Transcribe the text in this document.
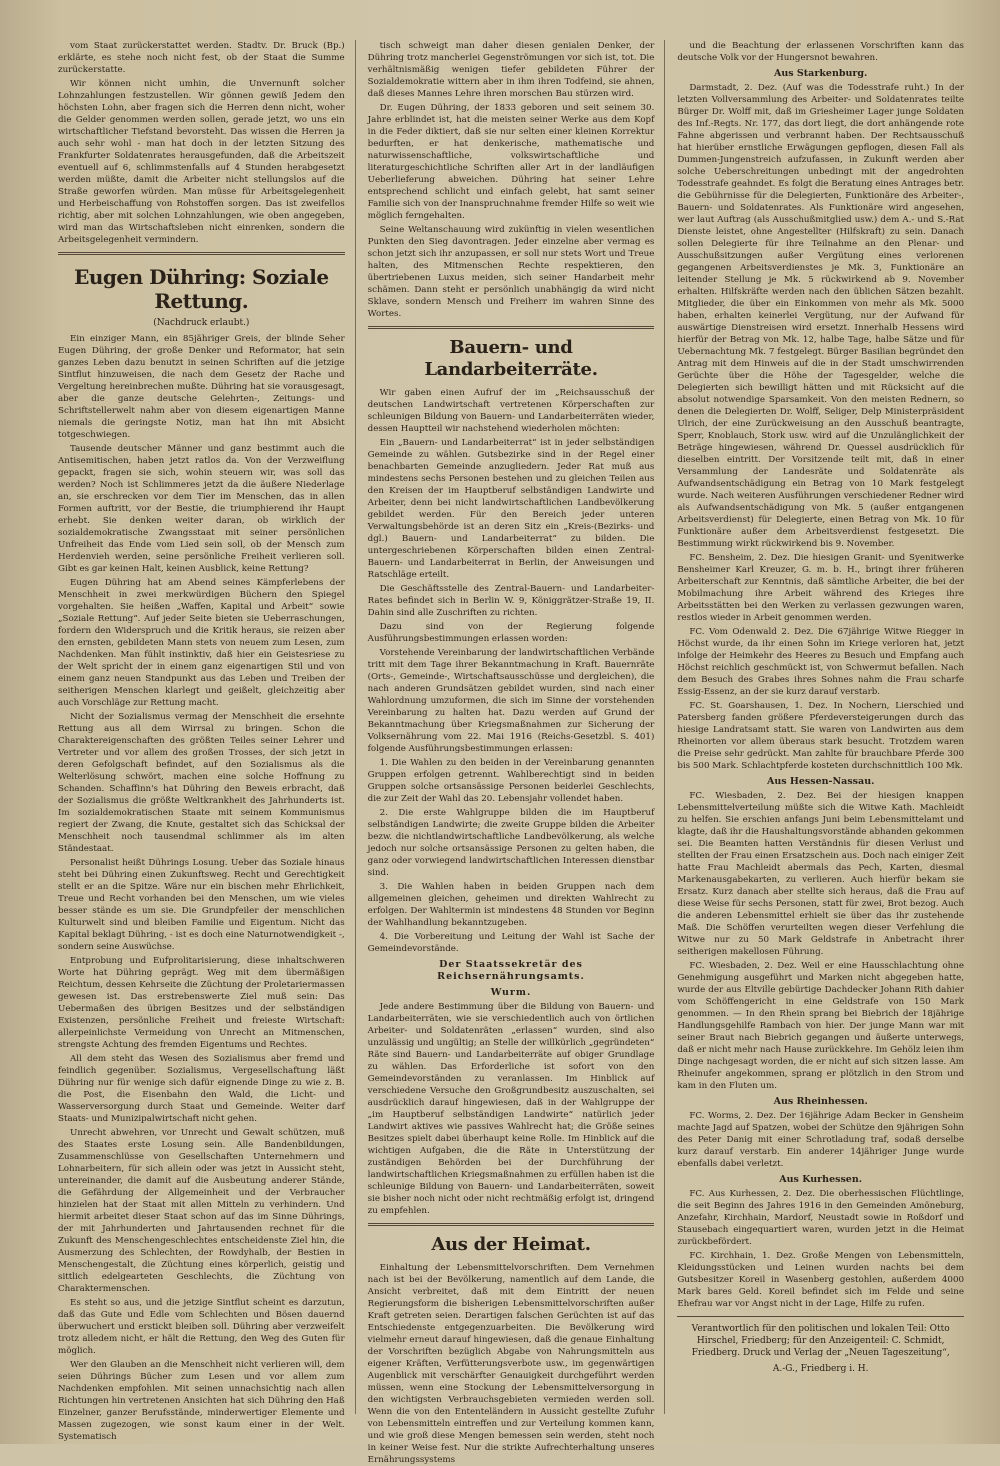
vom Staat zurückerstattet werden. Stadtv. Dr. Bruck (Bp.) erklärte, es stehe noch nicht fest, ob der Staat die Summe zurückerstatte.

Wir können nicht umhin, die Unvernunft solcher Lohnzahlungen festzustellen. Wir gönnen gewiß Jedem den höchsten Lohn, aber fragen sich die Herren denn nicht, woher die Gelder genommen werden sollen, gerade jetzt, wo uns ein wirtschaftlicher Tiefstand bevorsteht. Das wissen die Herren ja auch sehr wohl - man hat doch in der letzten Sitzung des Frankfurter Soldatenrates herausgefunden, daß die Arbeitszeit eventuell auf 6, schlimmstenfalls auf 4 Stunden herabgesetzt werden müßte, damit die Arbeiter nicht stellungslos auf die Straße geworfen würden. Man müsse für Arbeitsgelegenheit und Herbeischaffung von Rohstoffen sorgen. Das ist zweifellos richtig, aber mit solchen Lohnzahlungen, wie oben angegeben, wird man das Wirtschaftsleben nicht einrenken, sondern die Arbeitsgelegenheit vermindern.

Eugen Dühring: Soziale Rettung.
(Nachdruck erlaubt.)

Ein einziger Mann, ein 85jähriger Greis, der blinde Seher Eugen Dühring, der große Denker und Reformator, hat sein ganzes Leben dazu benutzt in seinen Schriften auf die jetzige Sintflut hinzuweisen, die nach dem Gesetz der Rache und Vergeltung hereinbrechen mußte. Dühring hat sie vorausgesagt, aber die ganze deutsche Gelehrten-, Zeitungs- und Schriftstellerwelt nahm aber von diesem eigenartigen Manne niemals die geringste Notiz, man hat ihn mit Absicht totgeschwiegen.

Tausende deutscher Männer und ganz bestimmt auch die Antisemitischen, haben jetzt ratlos da. Von der Verzweiflung gepackt, fragen sie sich, wohin steuern wir, was soll das werden? Noch ist Schlimmeres jetzt da die äußere Niederlage an, sie erschrecken vor dem Tier im Menschen, das in allen Formen auftritt, vor der Bestie, die triumphierend ihr Haupt erhebt. Sie denken weiter daran, ob wirklich der sozialdemokratische Zwangsstaat mit seiner persönlichen Unfreiheit das Ende vom Lied sein soll, ob der Mensch zum Herdenvieh werden, seine persönliche Freiheit verlieren soll. Gibt es gar keinen Halt, keinen Ausblick, keine Rettung?

Eugen Dühring hat am Abend seines Kämpferlebens der Menschheit in zwei merkwürdigen Büchern den Spiegel vorgehalten. Sie heißen „Waffen, Kapital und Arbeit“ sowie „Soziale Rettung“. Auf jeder Seite bieten sie Ueberraschungen, fordern den Widerspruch und die Kritik heraus, sie reizen aber den ernsten, gebildeten Mann stets von neuem zum Lesen, zum Nachdenken. Man fühlt instinktiv, daß hier ein Geistesriese zu der Welt spricht der in einem ganz eigenartigen Stil und von einem ganz neuen Standpunkt aus das Leben und Treiben der seitherigen Menschen klarlegt und geißelt, gleichzeitig aber auch Vorschläge zur Rettung macht.

Nicht der Sozialismus vermag der Menschheit die ersehnte Rettung aus all dem Wirrsal zu bringen. Schon die Charaktereigenschaften des größten Teiles seiner Lehrer und Vertreter und vor allem des großen Trosses, der sich jetzt in deren Gefolgschaft befindet, auf den Sozialismus als die Welterlösung schwört, machen eine solche Hoffnung zu Schanden. Schaffinn's hat Dühring den Beweis erbracht, daß der Sozialismus die größte Weltkrankheit des Jahrhunderts ist. Im sozialdemokratischen Staate mit seinem Kommunismus regiert der Zwang, die Knute, gestaltet sich das Schicksal der Menschheit noch tausendmal schlimmer als im alten Ständestaat.

Personalist heißt Dührings Losung. Ueber das Soziale hinaus steht bei Dühring einen Zukunftsweg. Recht und Gerechtigkeit stellt er an die Spitze. Wäre nur ein bischen mehr Ehrlichkeit, Treue und Recht vorhanden bei den Menschen, um wie vieles besser stände es um sie. Die Grundpfeiler der menschlichen Kulturwelt sind und bleiben Familie und Eigentum. Nicht das Kapital beklagt Dühring, - ist es doch eine Naturnotwendigkeit -, sondern seine Auswüchse.

Entprobung und Eufprolitarisierung, diese inhaltschweren Worte hat Dühring geprägt. Weg mit dem übermäßigen Reichtum, dessen Kehrseite die Züchtung der Proletariermassen gewesen ist. Das erstrebenswerte Ziel muß sein: Das Uebermaßen des übrigen Besitzes und der selbständigen Existenzen, persönliche Freiheit und freieste Wirtschaft: allerpeinlichste Vermeidung von Unrecht an Mitmenschen, strengste Achtung des fremden Eigentums und Rechtes.

All dem steht das Wesen des Sozialismus aber fremd und feindlich gegenüber. Sozialismus, Vergesellschaftung läßt Dühring nur für wenige sich dafür eignende Dinge zu wie z. B. die Post, die Eisenbahn den Wald, die Licht- und Wasserversorgung durch Staat und Gemeinde. Weiter darf Staats- und Munizipalwirtschaft nicht gehen.

Unrecht abwehren, vor Unrecht und Gewalt schützen, muß des Staates erste Losung sein. Alle Bandenbildungen, Zusammenschlüsse von Gesellschaften Unternehmern und Lohnarbeitern, für sich allein oder was jetzt in Aussicht steht, untereinander, die damit auf die Ausbeutung anderer Stände, die Gefährdung der Allgemeinheit und der Verbraucher hinzielen hat der Staat mit allen Mitteln zu verhindern. Und hiermit arbeitet dieser Staat schon auf das im Sinne Dührings, der mit Jahrhunderten und Jahrtausenden rechnet für die Zukunft des Menschengeschlechtes entscheidenste Ziel hin, die Ausmerzung des Schlechten, der Rowdyhalb, der Bestien in Menschengestalt, die Züchtung eines körperlich, geistig und sittlich edelgearteten Geschlechts, die Züchtung von Charaktermenschen.

Es steht so aus, und die jetzige Sintflut scheint es darzutun, daß das Gute und Edle vom Schlechten und Bösen dauernd überwuchert und erstickt bleiben soll. Dühring aber verzweifelt trotz alledem nicht, er hält die Rettung, den Weg des Guten für möglich.

Wer den Glauben an die Menschheit nicht verlieren will, dem seien Dührings Bücher zum Lesen und vor allem zum Nachdenken empfohlen. Mit seinen unnachsichtig nach allen Richtungen hin vertretenen Ansichten hat sich Dühring den Haß Einzelner, ganzer Berufsstände, minderwertiger Elemente und Massen zugezogen, wie sonst kaum einer in der Welt. Systematisch

tisch schweigt man daher diesen genialen Denker, der Dühring trotz mancherlei Gegenströmungen vor sich ist, tot. Die verhältnismäßig wenigen tiefer gebildeten Führer der Sozialdemokratie wittern aber in ihm ihren Todfeind, sie ahnen, daß dieses Mannes Lehre ihren morschen Bau stürzen wird.

Dr. Eugen Dühring, der 1833 geboren und seit seinem 30. Jahre erblindet ist, hat die meisten seiner Werke aus dem Kopf in die Feder diktiert, daß sie nur selten einer kleinen Korrektur bedurften, er hat denkerische, mathematische und naturwissenschaftliche, volkswirtschaftliche und literaturgeschichtliche Schriften aller Art in der landläufigen Ueberlieferung abweichen. Dühring hat seiner Lehre entsprechend schlicht und einfach gelebt, hat samt seiner Familie sich von der Inanspruchnahme fremder Hilfe so weit wie möglich ferngehalten.

Seine Weltanschauung wird zukünftig in vielen wesentlichen Punkten den Sieg davontragen. Jeder einzelne aber vermag es schon jetzt sich ihr anzupassen, er soll nur stets Wort und Treue halten, des Mitmenschen Rechte respektieren, den übertriebenen Luxus meiden, sich seiner Handarbeit mehr schämen. Dann steht er persönlich unabhängig da wird nicht Sklave, sondern Mensch und Freiherr im wahren Sinne des Wortes.

Bauern- und Landarbeiterräte.

Wir gaben einen Aufruf der im „Reichsausschuß der deutschen Landwirtschaft vertretenen Körperschaften zur schleunigen Bildung von Bauern- und Landarbeiterräten wieder, dessen Hauptteil wir nachstehend wiederholen möchten:

Ein „Bauern- und Landarbeiterrat“ ist in jeder selbständigen Gemeinde zu wählen. Gutsbezirke sind in der Regel einer benachbarten Gemeinde anzugliedern. Jeder Rat muß aus mindestens sechs Personen bestehen und zu gleichen Teilen aus den Kreisen der im Hauptberuf selbständigen Landwirte und Arbeiter, denn bei nicht landwirtschaftlichen Landbevölkerung gebildet werden. Für den Bereich jeder unteren Verwaltungsbehörde ist an deren Sitz ein „Kreis-(Bezirks- und dgl.) Bauern- und Landarbeiterrat“ zu bilden. Die untergeschriebenen Körperschaften bilden einen Zentral-Bauern- und Landarbeiterrat in Berlin, der Anweisungen und Ratschläge erteilt.

Die Geschäftsstelle des Zentral-Bauern- und Landarbeiter-Rates befindet sich in Berlin W. 9, Königgrätzer-Straße 19, II. Dahin sind alle Zuschriften zu richten.

Dazu sind von der Regierung folgende Ausführungsbestimmungen erlassen worden:

Vorstehende Vereinbarung der landwirtschaftlichen Verbände tritt mit dem Tage ihrer Bekanntmachung in Kraft. Bauernräte (Orts-, Gemeinde-, Wirtschaftsausschüsse und dergleichen), die nach anderen Grundsätzen gebildet wurden, sind nach einer Wahlordnung umzuformen, die sich im Sinne der vorstehenden Vereinbarung zu halten hat. Dazu werden auf Grund der Bekanntmachung über Kriegsmaßnahmen zur Sicherung der Volksernährung vom 22. Mai 1916 (Reichs-Gesetzbl. S. 401) folgende Ausführungsbestimmungen erlassen:

1. Die Wahlen zu den beiden in der Vereinbarung genannten Gruppen erfolgen getrennt. Wahlberechtigt sind in beiden Gruppen solche ortsansässige Personen beiderlei Geschlechts, die zur Zeit der Wahl das 20. Lebensjahr vollendet haben.

2. Die erste Wahlgruppe bilden die im Hauptberuf selbständigen Landwirte; die zweite Gruppe bilden die Arbeiter bezw. die nichtlandwirtschaftliche Landbevölkerung, als welche jedoch nur solche ortsansässige Personen zu gelten haben, die ganz oder vorwiegend landwirtschaftlichen Interessen dienstbar sind.

3. Die Wahlen haben in beiden Gruppen nach dem allgemeinen gleichen, geheimen und direkten Wahlrecht zu erfolgen. Der Wahltermin ist mindestens 48 Stunden vor Beginn der Wahlhandlung bekanntzugeben.

4. Die Vorbereitung und Leitung der Wahl ist Sache der Gemeindevorstände.

Der Staatssekretär des Reichsernährungsamts.
Wurm.

Jede andere Bestimmung über die Bildung von Bauern- und Landarbeiterräten, wie sie verschiedentlich auch von örtlichen Arbeiter- und Soldatenräten „erlassen“ wurden, sind also unzulässig und ungültig; an Stelle der willkürlich „gegründeten“ Räte sind Bauern- und Landarbeiterräte auf obiger Grundlage zu wählen. Das Erforderliche ist sofort von den Gemeindevorständen zu veranlassen. Im Hinblick auf verschiedene Versuche den Großgrundbesitz auszuschalten, sei ausdrücklich darauf hingewiesen, daß in der Wahlgruppe der „im Hauptberuf selbständigen Landwirte“ natürlich jeder Landwirt aktives wie passives Wahlrecht hat; die Größe seines Besitzes spielt dabei überhaupt keine Rolle. Im Hinblick auf die wichtigen Aufgaben, die die Räte in Unterstützung der zuständigen Behörden bei der Durchführung der landwirtschaftlichen Kriegsmaßnahmen zu erfüllen haben ist die schleunige Bildung von Bauern- und Landarbeiterräten, soweit sie bisher noch nicht oder nicht rechtmäßig erfolgt ist, dringend zu empfehlen.

Aus der Heimat.

Einhaltung der Lebensmittelvorschriften. Dem Vernehmen nach ist bei der Bevölkerung, namentlich auf dem Lande, die Ansicht verbreitet, daß mit dem Eintritt der neuen Regierungsform die bisherigen Lebensmittelvorschriften außer Kraft getreten seien. Derartigen falschen Gerüchten ist auf das Entschiedenste entgegenzuarbeiten. Die Bevölkerung wird vielmehr erneut darauf hingewiesen, daß die genaue Einhaltung der Vorschriften bezüglich Abgabe von Nahrungsmitteln aus eigener Kräften, Verfütterungsverbote usw., im gegenwärtigen Augenblick mit verschärfter Genauigkeit durchgeführt werden müssen, wenn eine Stockung der Lebensmittelversorgung in den wichtigsten Verbrauchsgebieten vermieden werden soll. Wenn die von den Ententeländern in Aussicht gestellte Zufuhr von Lebensmitteln eintreffen und zur Verteilung kommen kann, und wie groß diese Mengen bemessen sein werden, steht noch in keiner Weise fest. Nur die strikte Aufrechterhaltung unseres Ernährungssystems

und die Beachtung der erlassenen Vorschriften kann das deutsche Volk vor der Hungersnot bewahren.

Aus Starkenburg.

Darmstadt, 2. Dez. (Auf was die Todesstrafe ruht.) In der letzten Vollversammlung des Arbeiter- und Soldatenrates teilte Bürger Dr. Wolff mit, daß im Griesheimer Lager junge Soldaten des Inf.-Regts. Nr. 177, das dort liegt, die dort anhängende rote Fahne abgerissen und verbrannt haben. Der Rechtsausschuß hat hierüber ernstliche Erwägungen gepflogen, diesen Fall als Dummen-Jungenstreich aufzufassen, in Zukunft werden aber solche Ueberschreitungen unbedingt mit der angedrohten Todesstrafe geahndet. Es folgt die Beratung eines Antrages betr. die Gebührnisse für die Delegierten, Funktionäre des Arbeiter-, Bauern- und Soldatenrates. Als Funktionäre wird angesehen, wer laut Auftrag (als Ausschußmitglied usw.) dem A.- und S.-Rat Dienste leistet, ohne Angestellter (Hilfskraft) zu sein. Danach sollen Delegierte für ihre Teilnahme an den Plenar- und Ausschußsitzungen außer Vergütung eines verlorenen gegangenen Arbeitsverdienstes je Mk. 3, Funktionäre an leitender Stellung je Mk. 5 rückwirkend ab 9. November erhalten. Hilfskräfte werden nach den üblichen Sätzen bezahlt. Mitglieder, die über ein Einkommen von mehr als Mk. 5000 haben, erhalten keinerlei Vergütung, nur der Aufwand für auswärtige Dienstreisen wird ersetzt. Innerhalb Hessens wird hierfür der Betrag von Mk. 12, halbe Tage, halbe Sätze und für Uebernachtung Mk. 7 festgelegt. Bürger Basilian begründet den Antrag mit dem Hinweis auf die in der Stadt umschwirrenden Gerüchte über die Höhe der Tagesgelder, welche die Delegierten sich bewilligt hätten und mit Rücksicht auf die absolut notwendige Sparsamkeit. Von den meisten Rednern, so denen die Delegierten Dr. Wolff, Seliger, Delp Ministerpräsident Ulrich, der eine Zurückweisung an den Ausschuß beantragte, Sperr, Knoblauch, Stork usw. wird auf die Unzulänglichkeit der Beträge hingewiesen, während Dr. Quessel ausdrücklich für dieselben eintritt. Der Vorsitzende teilt mit, daß in einer Versammlung der Landesräte und Soldatenräte als Aufwandsentschädigung ein Betrag von 10 Mark festgelegt wurde. Nach weiteren Ausführungen verschiedener Redner wird als Aufwandsentschädigung von Mk. 5 (außer entgangenen Arbeitsverdienst) für Delegierte, einen Betrag von Mk. 10 für Funktionäre außer dem Arbeitsverdienst festgesetzt. Die Bestimmung wirkt rückwirkend bis 9. November.

FC. Bensheim, 2. Dez. Die hiesigen Granit- und Syenitwerke Bensheimer Karl Kreuzer, G. m. b. H., bringt ihrer früheren Arbeiterschaft zur Kenntnis, daß sämtliche Arbeiter, die bei der Mobilmachung ihre Arbeit während des Krieges ihre Arbeitsstätten bei den Werken zu verlassen gezwungen waren, restlos wieder in Arbeit genommen werden.

FC. Vom Odenwald 2. Dez. Die 67jährige Witwe Riegger in Höchst wurde, da ihr einen Sohn im Kriege verloren hat, jetzt infolge der Heimkehr des Heeres zu Besuch und Empfang auch Höchst reichlich geschmückt ist, von Schwermut befallen. Nach dem Besuch des Grabes ihres Sohnes nahm die Frau scharfe Essig-Essenz, an der sie kurz darauf verstarb.

FC. St. Goarshausen, 1. Dez. In Nochern, Lierschied und Patersberg fanden größere Pferdeversteigerungen durch das hiesige Landratsamt statt. Sie waren von Landwirten aus dem Rheinorten vor allem überaus stark besucht. Trotzdem waren die Preise sehr gedrückt. Man zahlte für brauchbare Pferde 300 bis 500 Mark. Schlachtpferde kosteten durchschnittlich 100 Mk.

Aus Hessen-Nassau.

FC. Wiesbaden, 2. Dez. Bei der hiesigen knappen Lebensmittelverteilung müßte sich die Witwe Kath. Machleidt zu helfen. Sie erschien anfangs Juni beim Lebensmittelamt und klagte, daß ihr die Haushaltungsvorstände abhanden gekommen sei. Die Beamten hatten Verständnis für diesen Verlust und stellten der Frau einen Ersatzschein aus. Doch nach einiger Zeit hatte Frau Machleidt abermals das Pech, Karten, diesmal Markenausgabekarten, zu verlieren. Auch hierfür bekam sie Ersatz. Kurz danach aber stellte sich heraus, daß die Frau auf diese Weise für sechs Personen, statt für zwei, Brot bezog. Auch die anderen Lebensmittel erhielt sie über das ihr zustehende Maß. Die Schöffen verurteilten wegen dieser Verfehlung die Witwe nur zu 50 Mark Geldstrafe in Anbetracht ihrer seitherigen makellosen Führung.

FC. Wiesbaden, 2. Dez. Weil er eine Hausschlachtung ohne Genehmigung ausgeführt und Marken nicht abgegeben hatte, wurde der aus Eltville gebürtige Dachdecker Johann Rith dahier vom Schöffengericht in eine Geldstrafe von 150 Mark genommen. — In den Rhein sprang bei Biebrich der 18jährige Handlungsgehilfe Rambach von hier. Der junge Mann war mit seiner Braut nach Biebrich gegangen und äußerte unterwegs, daß er nicht mehr nach Hause zurückkehre. Im Gehölz leien ihm Dinge nachgesagt worden, die er nicht auf sich sitzen lasse. Am Rheinufer angekommen, sprang er plötzlich in den Strom und kam in den Fluten um.

Aus Rheinhessen.

FC. Worms, 2. Dez. Der 16jährige Adam Becker in Gensheim machte Jagd auf Spatzen, wobei der Schütze den 9jährigen Sohn des Peter Danig mit einer Schrotladung traf, sodaß derselbe kurz darauf verstarb. Ein anderer 14jähriger Junge wurde ebenfalls dabei verletzt.

Aus Kurhessen.

FC. Aus Kurhessen, 2. Dez. Die oberhessischen Flüchtlinge, die seit Beginn des Jahres 1916 in den Gemeinden Amöneburg, Anzefahr, Kirchhain, Mardorf, Neustadt sowie in Roßdorf und Stausebach eingequartiert waren, wurden jetzt in die Heimat zurückbefördert.

FC. Kirchhain, 1. Dez. Große Mengen von Lebensmitteln, Kleidungsstücken und Leinen wurden nachts bei dem Gutsbesitzer Koreil in Wasenberg gestohlen, außerdem 4000 Mark bares Geld. Koreil befindet sich im Felde und seine Ehefrau war vor Angst nicht in der Lage, Hilfe zu rufen.

Verantwortlich für den politischen und lokalen Teil: Otto Hirschel, Friedberg; für den Anzeigenteil: C. Schmidt, Friedberg. Druck und Verlag der „Neuen Tageszeitung“,
A.-G., Friedberg i. H.
